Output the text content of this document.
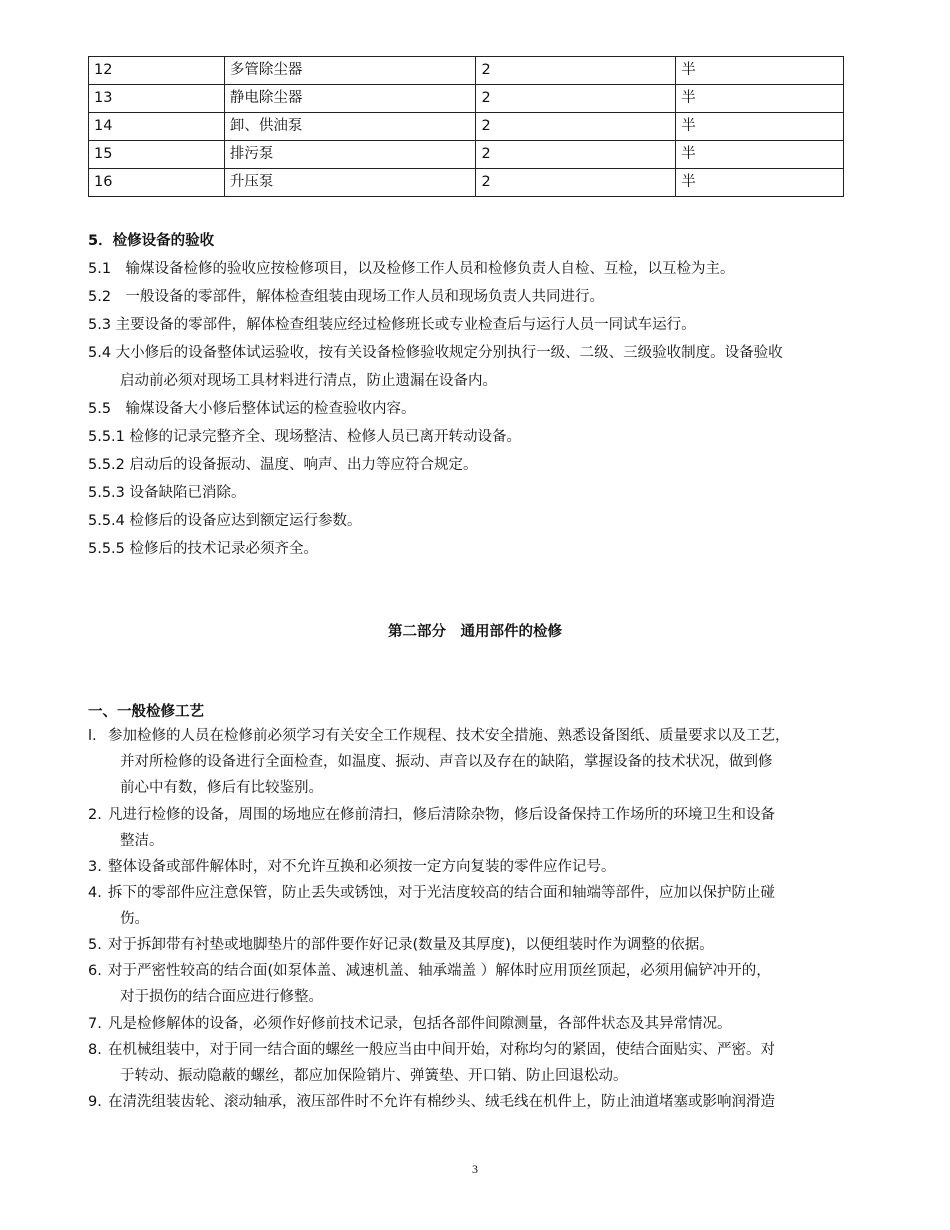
12	多管除尘器	2	半
13	静电除尘器	2	半
14	卸、供油泵	2	半
15	排污泵	2	半
16	升压泵	2	半
5．检修设备的验收
5.1　输煤设备检修的验收应按检修项目，以及检修工作人员和检修负责人自检、互检，以互检为主。
5.2　一般设备的零部件，解体检查组装由现场工作人员和现场负责人共同进行。
5.3 主要设备的零部件，解体检查组装应经过检修班长或专业检查后与运行人员一同试车运行。
5.4 大小修后的设备整体试运验收，按有关设备检修验收规定分别执行一级、二级、三级验收制度。设备验收
启动前必须对现场工具材料进行清点，防止遗漏在设备内。
5.5　输煤设备大小修后整体试运的检查验收内容。
5.5.1 检修的记录完整齐全、现场整洁、检修人员已离开转动设备。
5.5.2 启动后的设备振动、温度、响声、出力等应符合规定。
5.5.3 设备缺陷已消除。
5.5.4 检修后的设备应达到额定运行参数。
5.5.5 检修后的技术记录必须齐全。
第二部分　通用部件的检修
一、一般检修工艺
l. 参加检修的人员在检修前必须学习有关安全工作规程、技术安全措施、熟悉设备图纸、质量要求以及工艺，
并对所检修的设备进行全面检查，如温度、振动、声音以及存在的缺陷，掌握设备的技术状况，做到修
前心中有数，修后有比较鉴别。
2. 凡进行检修的设备，周围的场地应在修前清扫，修后清除杂物，修后设备保持工作场所的环境卫生和设备
整洁。
3. 整体设备或部件解体时，对不允许互换和必须按一定方向复装的零件应作记号。
4. 拆下的零部件应注意保管，防止丢失或锈蚀，对于光洁度较高的结合面和轴端等部件，应加以保护防止碰
伤。
5. 对于拆卸带有衬垫或地脚垫片的部件要作好记录(数量及其厚度)，以便组装时作为调整的依据。
6. 对于严密性较高的结合面(如泵体盖、减速机盖、轴承端盖 ）解体时应用顶丝顶起，必须用偏铲冲开的，
对于损伤的结合面应进行修整。
7. 凡是检修解体的设备，必须作好修前技术记录，包括各部件间隙测量，各部件状态及其异常情况。
8. 在机械组装中，对于同一结合面的螺丝一般应当由中间开始，对称均匀的紧固，使结合面贴实、严密。对
于转动、振动隐蔽的螺丝，都应加保险销片、弹簧垫、开口销、防止回退松动。
9. 在清洗组装齿轮、滚动轴承，液压部件时不允许有棉纱头、绒毛线在机件上，防止油道堵塞或影响润滑造
3
